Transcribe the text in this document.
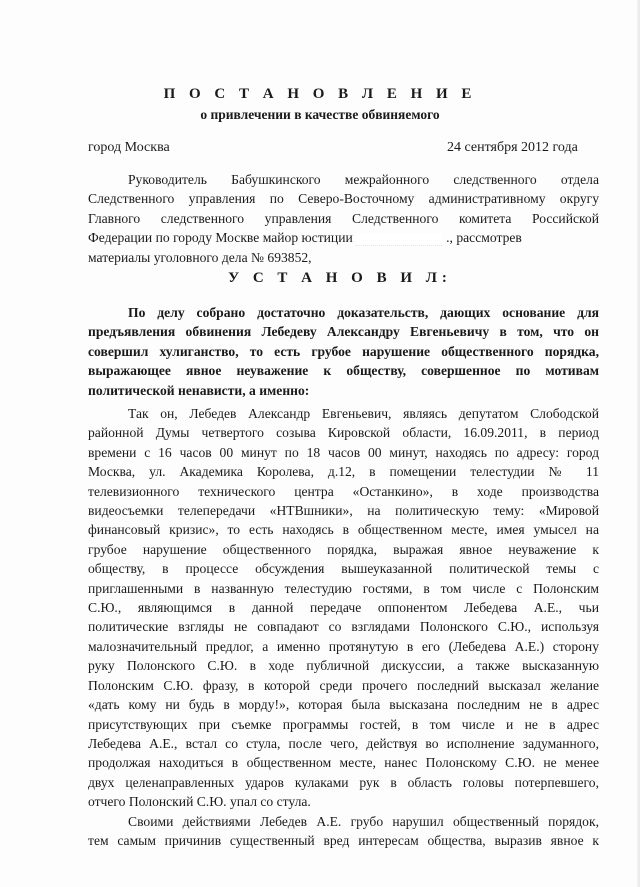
П О С Т А Н О В Л Е Н И Е
о привлечении в качестве обвиняемого
город Москва	24 сентября 2012 года

Руководитель Бабушкинского межрайонного следственного отдела
Следственного управления по Северо-Восточному административному округу
Главного следственного управления Следственного комитета Российской
Федерации по городу Москве майор юстиции	., рассмотрев
материалы уголовного дела № 693852,

У С Т А Н О В И Л:

По делу собрано достаточно доказательств, дающих основание для
предъявления обвинения Лебедеву Александру Евгеньевичу в том, что он
совершил хулиганство, то есть грубое нарушение общественного порядка,
выражающее явное неуважение к обществу, совершенное по мотивам
политической ненависти, а именно:

Так он, Лебедев Александр Евгеньевич, являясь депутатом Слободской
районной Думы четвертого созыва Кировской области, 16.09.2011, в период
времени с 16 часов 00 минут по 18 часов 00 минут, находясь по адресу: город
Москва, ул. Академика Королева, д.12, в помещении телестудии № 11
телевизионного технического центра «Останкино», в ходе производства
видеосъемки телепередачи «НТВшники», на политическую тему: «Мировой
финансовый кризис», то есть находясь в общественном месте, имея умысел на
грубое нарушение общественного порядка, выражая явное неуважение к
обществу, в процессе обсуждения вышеуказанной политической темы с
приглашенными в названную телестудию гостями, в том числе с Полонским
С.Ю., являющимся в данной передаче оппонентом Лебедева А.Е., чьи
политические взгляды не совпадают со взглядами Полонского С.Ю., используя
малозначительный предлог, а именно протянутую в его (Лебедева А.Е.) сторону
руку Полонского С.Ю. в ходе публичной дискуссии, а также высказанную
Полонским С.Ю. фразу, в которой среди прочего последний высказал желание
«дать кому ни будь в морду!», которая была высказана последним не в адрес
присутствующих при съемке программы гостей, в том числе и не в адрес
Лебедева А.Е., встал со стула, после чего, действуя во исполнение задуманного,
продолжая находиться в общественном месте, нанес Полонскому С.Ю. не менее
двух целенаправленных ударов кулаками рук в область головы потерпевшего,
отчего Полонский С.Ю. упал со стула.

Своими действиями Лебедев А.Е. грубо нарушил общественный порядок,
тем самым причинив существенный вред интересам общества, выразив явное к
